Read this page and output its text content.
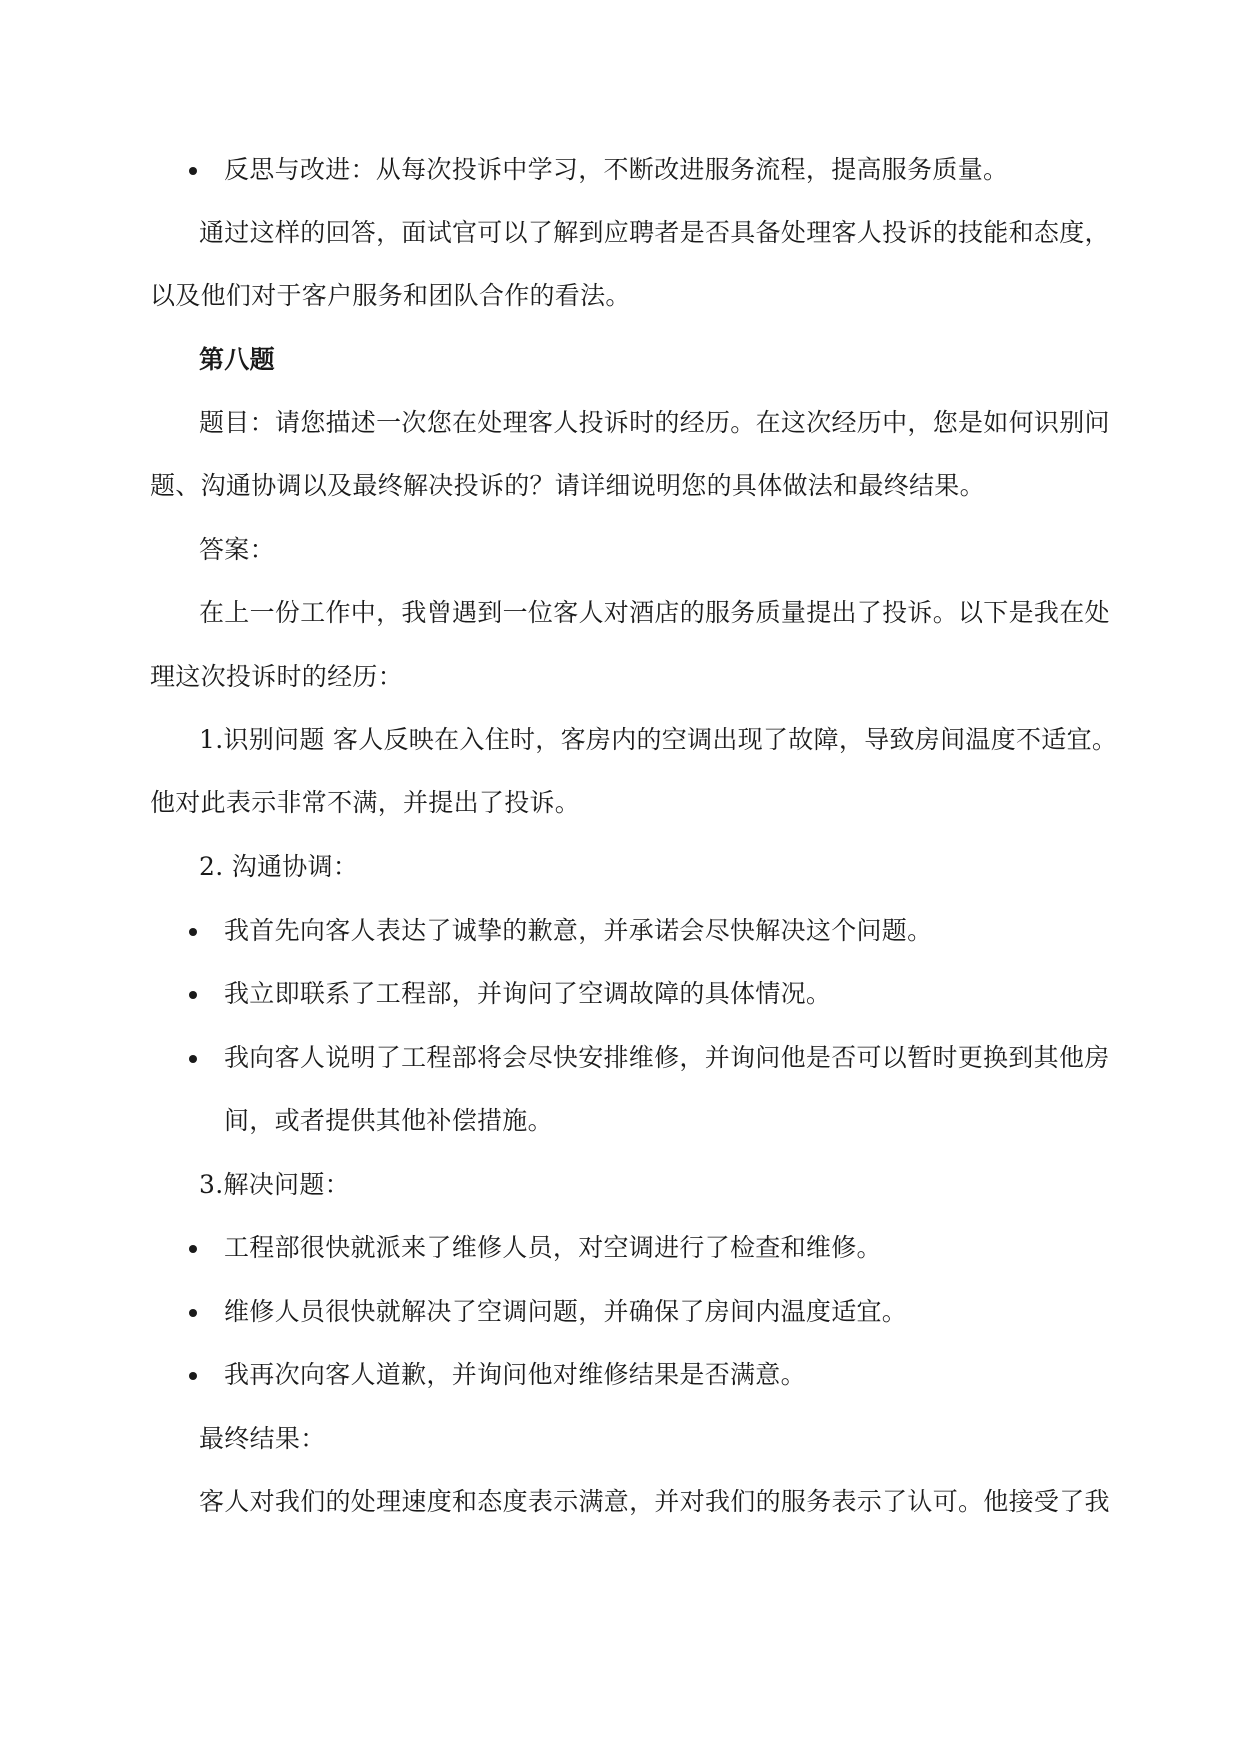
反思与改进：从每次投诉中学习，不断改进服务流程，提高服务质量。
通过这样的回答，面试官可以了解到应聘者是否具备处理客人投诉的技能和态度，
以及他们对于客户服务和团队合作的看法。
第八题
题目：请您描述一次您在处理客人投诉时的经历。在这次经历中，您是如何识别问
题、沟通协调以及最终解决投诉的？请详细说明您的具体做法和最终结果。
答案：
在上一份工作中，我曾遇到一位客人对酒店的服务质量提出了投诉。以下是我在处
理这次投诉时的经历：
1.识别问题 客人反映在入住时，客房内的空调出现了故障，导致房间温度不适宜。
他对此表示非常不满，并提出了投诉。
2. 沟通协调：
我首先向客人表达了诚挚的歉意，并承诺会尽快解决这个问题。
我立即联系了工程部，并询问了空调故障的具体情况。
我向客人说明了工程部将会尽快安排维修，并询问他是否可以暂时更换到其他房
间，或者提供其他补偿措施。
3.解决问题：
工程部很快就派来了维修人员，对空调进行了检查和维修。
维修人员很快就解决了空调问题，并确保了房间内温度适宜。
我再次向客人道歉，并询问他对维修结果是否满意。
最终结果：
客人对我们的处理速度和态度表示满意，并对我们的服务表示了认可。他接受了我
